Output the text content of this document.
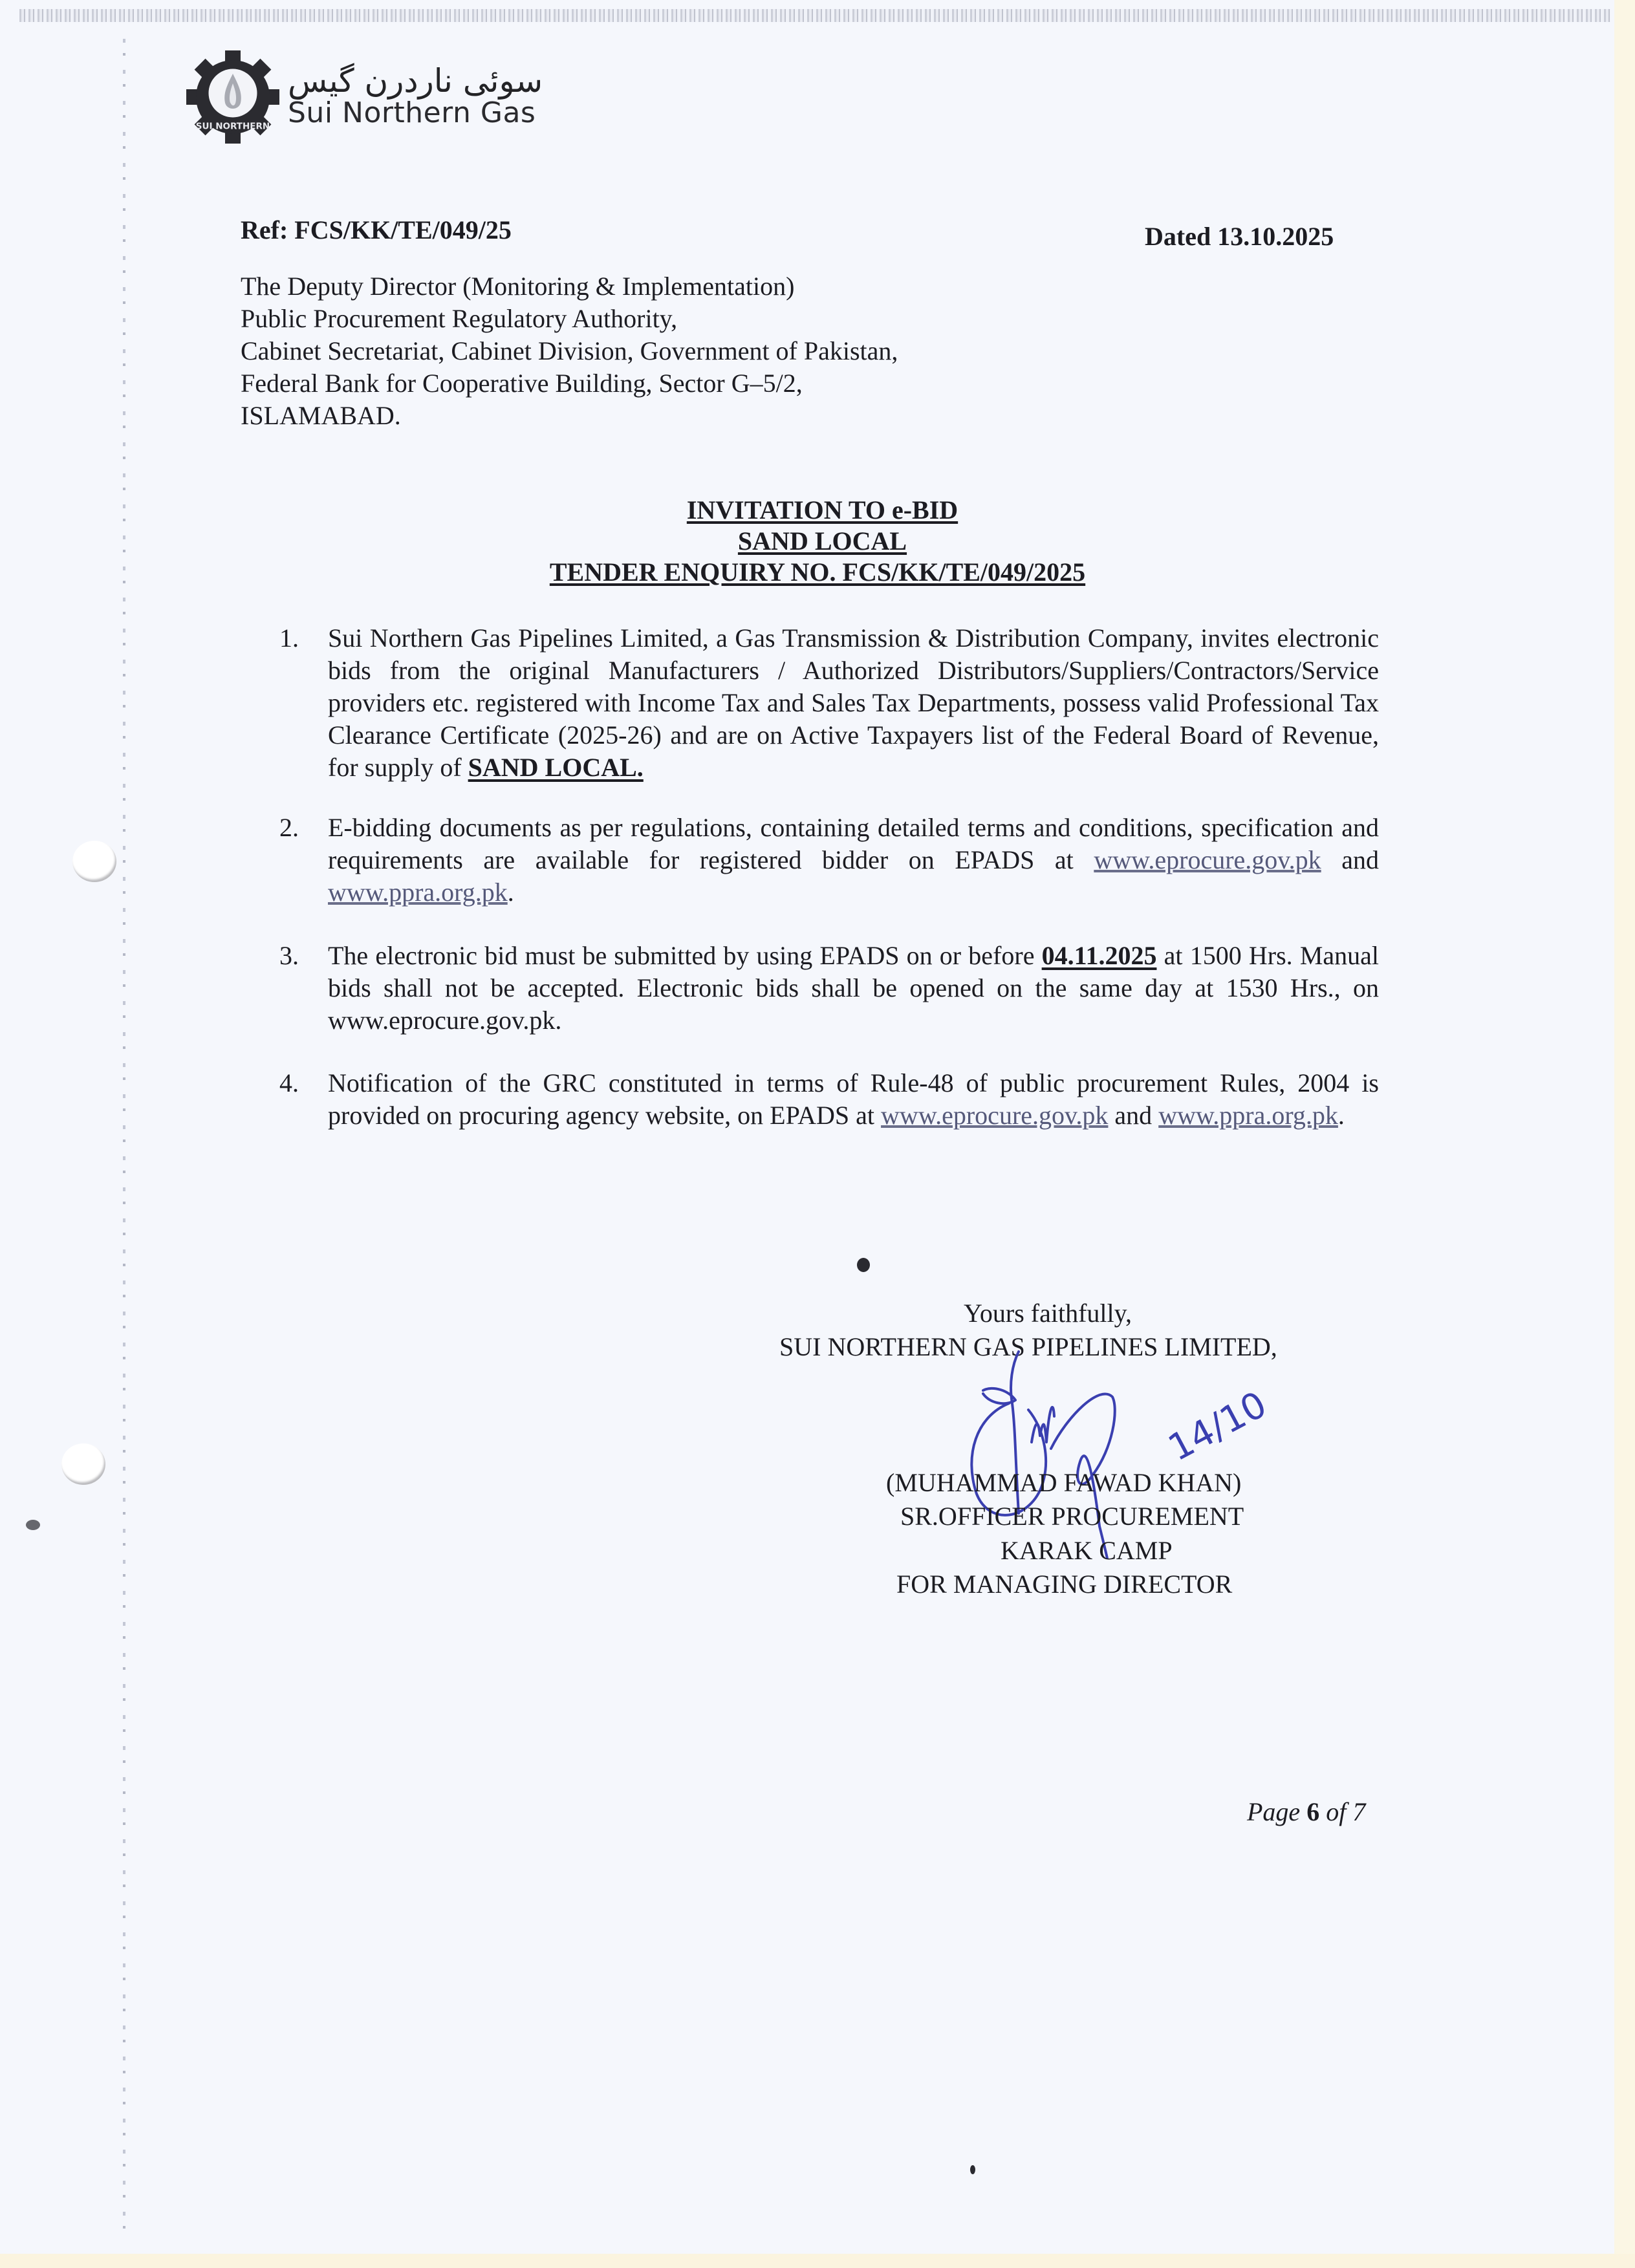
SUI NORTHERN
سوئی ناردرن گیس
Sui Northern Gas
Ref: FCS/KK/TE/049/25	Dated 13.10.2025
The Deputy Director (Monitoring & Implementation)
Public Procurement Regulatory Authority,
Cabinet Secretariat, Cabinet Division, Government of Pakistan,
Federal Bank for Cooperative Building, Sector G–5/2,
ISLAMABAD.
INVITATION TO e-BID
SAND LOCAL
TENDER ENQUIRY NO. FCS/KK/TE/049/2025
1.	Sui Northern Gas Pipelines Limited, a Gas Transmission & Distribution Company, invites electronic bids from the original Manufacturers / Authorized Distributors/Suppliers/Contractors/Service providers etc. registered with Income Tax and Sales Tax Departments, possess valid Professional Tax Clearance Certificate (2025-26) and are on Active Taxpayers list of the Federal Board of Revenue, for supply of SAND LOCAL.
2.	E-bidding documents as per regulations, containing detailed terms and conditions, specification and requirements are available for registered bidder on EPADS at www.eprocure.gov.pk and www.ppra.org.pk.
3.	The electronic bid must be submitted by using EPADS on or before 04.11.2025 at 1500 Hrs. Manual bids shall not be accepted. Electronic bids shall be opened on the same day at 1530 Hrs., on www.eprocure.gov.pk.
4.	Notification of the GRC constituted in terms of Rule-48 of public procurement Rules, 2004 is provided on procuring agency website, on EPADS at www.eprocure.gov.pk and www.ppra.org.pk.
Yours faithfully,
SUI NORTHERN GAS PIPELINES LIMITED,
14/10
(MUHAMMAD FAWAD KHAN)
SR.OFFICER PROCUREMENT
KARAK CAMP
FOR MANAGING DIRECTOR
Page 6 of 7
